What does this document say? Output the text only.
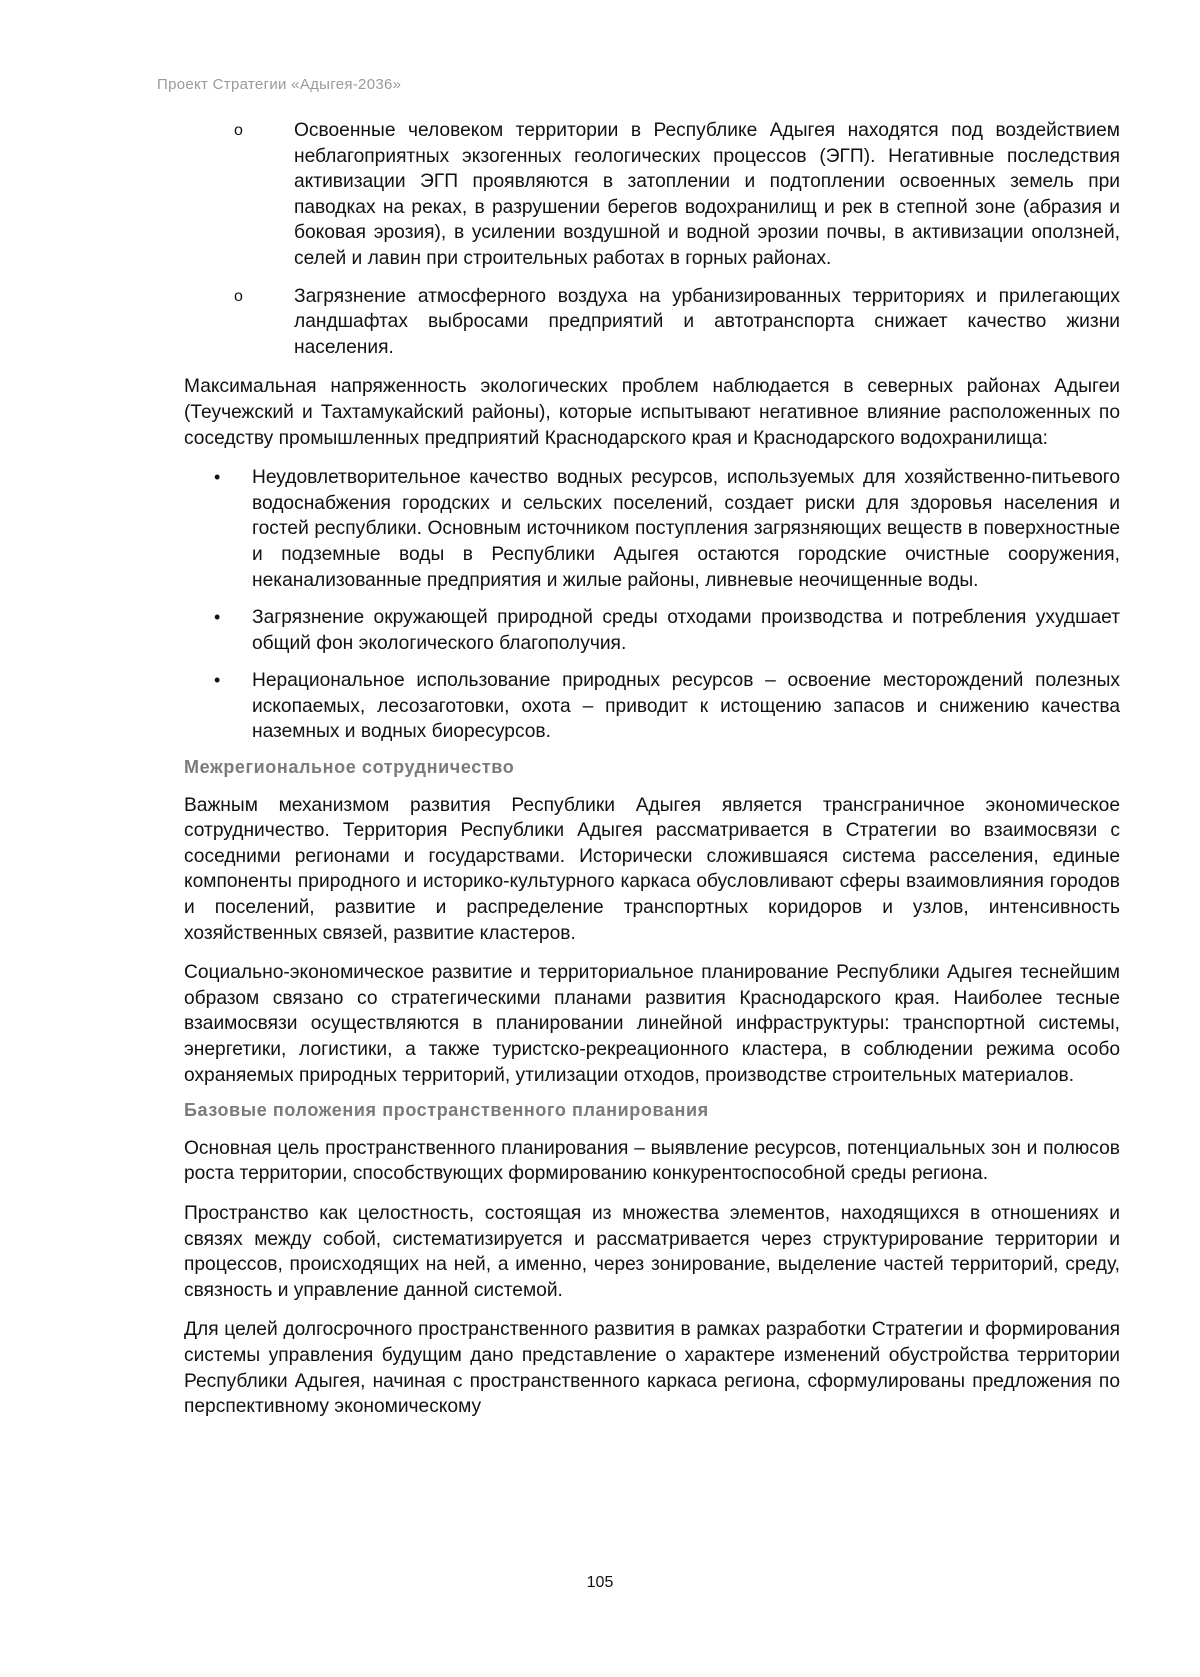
Проект Стратегии «Адыгея-2036»
o	Освоенные человеком территории в Республике Адыгея находятся под воздействием неблагоприятных экзогенных геологических процессов (ЭГП). Негативные последствия активизации ЭГП проявляются в затоплении и подтоплении освоенных земель при паводках на реках, в разрушении берегов водохранилищ и рек в степной зоне (абразия и боковая эрозия), в усилении воздушной и водной эрозии почвы, в активизации оползней, селей и лавин при строительных работах в горных районах.
o	Загрязнение атмосферного воздуха на урбанизированных территориях и прилегающих ландшафтах выбросами предприятий и автотранспорта снижает качество жизни населения.

Максимальная напряженность экологических проблем наблюдается в северных районах Адыгеи (Теучежский и Тахтамукайский районы), которые испытывают негативное влияние расположенных по соседству промышленных предприятий Краснодарского края и Краснодарского водохранилища:

• Неудовлетворительное качество водных ресурсов, используемых для хозяйственно-питьевого водоснабжения городских и сельских поселений, создает риски для здоровья населения и гостей республики. Основным источником поступления загрязняющих веществ в поверхностные и подземные воды в Республики Адыгея остаются городские очистные сооружения, неканализованные предприятия и жилые районы, ливневые неочищенные воды.
• Загрязнение окружающей природной среды отходами производства и потребления ухудшает общий фон экологического благополучия.
• Нерациональное использование природных ресурсов – освоение месторождений полезных ископаемых, лесозаготовки, охота – приводит к истощению запасов и снижению качества наземных и водных биоресурсов.
Межрегиональное сотрудничество

Важным механизмом развития Республики Адыгея является трансграничное экономическое сотрудничество. Территория Республики Адыгея рассматривается в Стратегии во взаимосвязи с соседними регионами и государствами. Исторически сложившаяся система расселения, единые компоненты природного и историко-культурного каркаса обусловливают сферы взаимовлияния городов и поселений, развитие и распределение транспортных коридоров и узлов, интенсивность хозяйственных связей, развитие кластеров.

Социально-экономическое развитие и территориальное планирование Республики Адыгея теснейшим образом связано со стратегическими планами развития Краснодарского края. Наиболее тесные взаимосвязи осуществляются в планировании линейной инфраструктуры: транспортной системы, энергетики, логистики, а также туристско-рекреационного кластера, в соблюдении режима особо охраняемых природных территорий, утилизации отходов, производстве строительных материалов.

Базовые положения пространственного планирования

Основная цель пространственного планирования – выявление ресурсов, потенциальных зон и полюсов роста территории, способствующих формированию конкурентоспособной среды региона.

Пространство как целостность, состоящая из множества элементов, находящихся в отношениях и связях между собой, систематизируется и рассматривается через структурирование территории и процессов, происходящих на ней, а именно, через зонирование, выделение частей территорий, среду, связность и управление данной системой.

Для целей долгосрочного пространственного развития в рамках разработки Стратегии и формирования системы управления будущим дано представление о характере изменений обустройства территории Республики Адыгея, начиная с пространственного каркаса региона, сформулированы предложения по перспективному экономическому

105
